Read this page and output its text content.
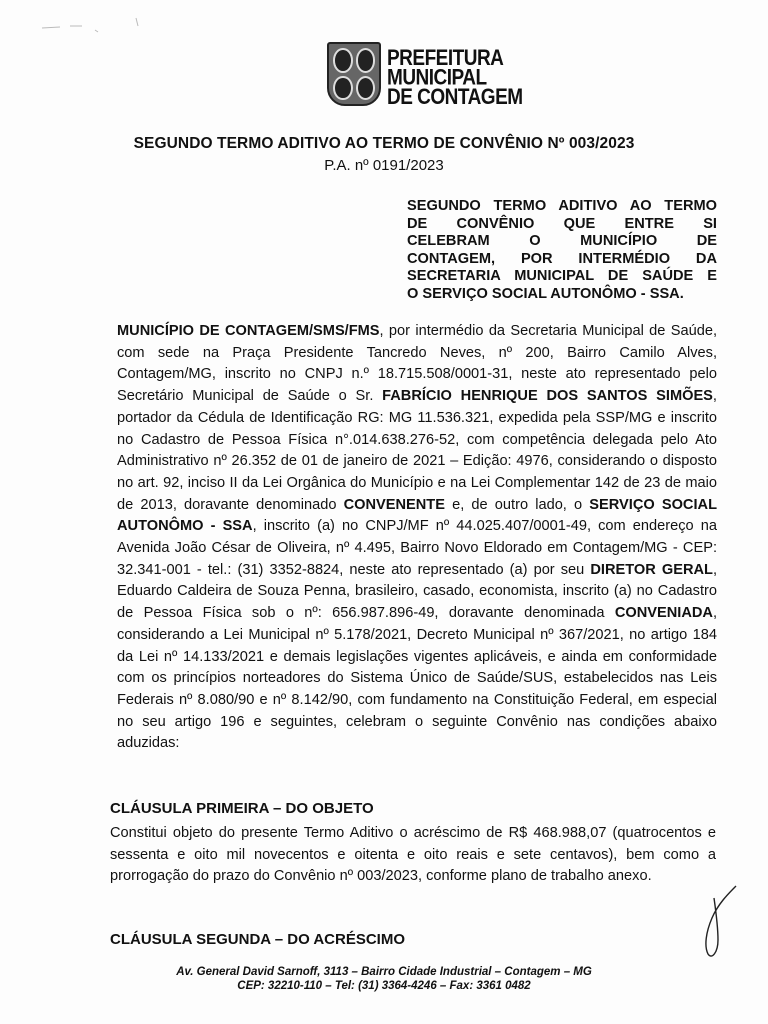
PREFEITURA
MUNICIPAL
DE CONTAGEM
SEGUNDO TERMO ADITIVO AO TERMO DE CONVÊNIO Nº 003/2023
P.A. nº 0191/2023
SEGUNDO TERMO ADITIVO AO TERMO
DE CONVÊNIO QUE ENTRE SI
CELEBRAM O MUNICÍPIO DE
CONTAGEM, POR INTERMÉDIO DA
SECRETARIA MUNICIPAL DE SAÚDE E
O SERVIÇO SOCIAL AUTONÔMO - SSA.
MUNICÍPIO DE CONTAGEM/SMS/FMS, por intermédio da Secretaria Municipal de Saúde, com sede na Praça Presidente Tancredo Neves, nº 200, Bairro Camilo Alves, Contagem/MG, inscrito no CNPJ n.º 18.715.508/0001-31, neste ato representado pelo Secretário Municipal de Saúde o Sr. FABRÍCIO HENRIQUE DOS SANTOS SIMÕES, portador da Cédula de Identificação RG: MG 11.536.321, expedida pela SSP/MG e inscrito no Cadastro de Pessoa Física n°.014.638.276-52, com competência delegada pelo Ato Administrativo nº 26.352 de 01 de janeiro de 2021 – Edição: 4976, considerando o disposto no art. 92, inciso II da Lei Orgânica do Município e na Lei Complementar 142 de 23 de maio de 2013, doravante denominado CONVENENTE e, de outro lado, o SERVIÇO SOCIAL AUTONÔMO - SSA, inscrito (a) no CNPJ/MF nº 44.025.407/0001-49, com endereço na Avenida João César de Oliveira, nº 4.495, Bairro Novo Eldorado em Contagem/MG - CEP: 32.341-001 - tel.: (31) 3352-8824, neste ato representado (a) por seu DIRETOR GERAL, Eduardo Caldeira de Souza Penna, brasileiro, casado, economista, inscrito (a) no Cadastro de Pessoa Física sob o nº: 656.987.896-49, doravante denominada CONVENIADA, considerando a Lei Municipal nº 5.178/2021, Decreto Municipal nº 367/2021, no artigo 184 da Lei nº 14.133/2021 e demais legislações vigentes aplicáveis, e ainda em conformidade com os princípios norteadores do Sistema Único de Saúde/SUS, estabelecidos nas Leis Federais nº 8.080/90 e nº 8.142/90, com fundamento na Constituição Federal, em especial no seu artigo 196 e seguintes, celebram o seguinte Convênio nas condições abaixo aduzidas:
CLÁUSULA PRIMEIRA – DO OBJETO
Constitui objeto do presente Termo Aditivo o acréscimo de R$ 468.988,07 (quatrocentos e sessenta e oito mil novecentos e oitenta e oito reais e sete centavos), bem como a prorrogação do prazo do Convênio nº 003/2023, conforme plano de trabalho anexo.
CLÁUSULA SEGUNDA – DO ACRÉSCIMO
Av. General David Sarnoff, 3113 – Bairro Cidade Industrial – Contagem – MG
CEP: 32210-110 – Tel: (31) 3364-4246 – Fax: 3361 0482
